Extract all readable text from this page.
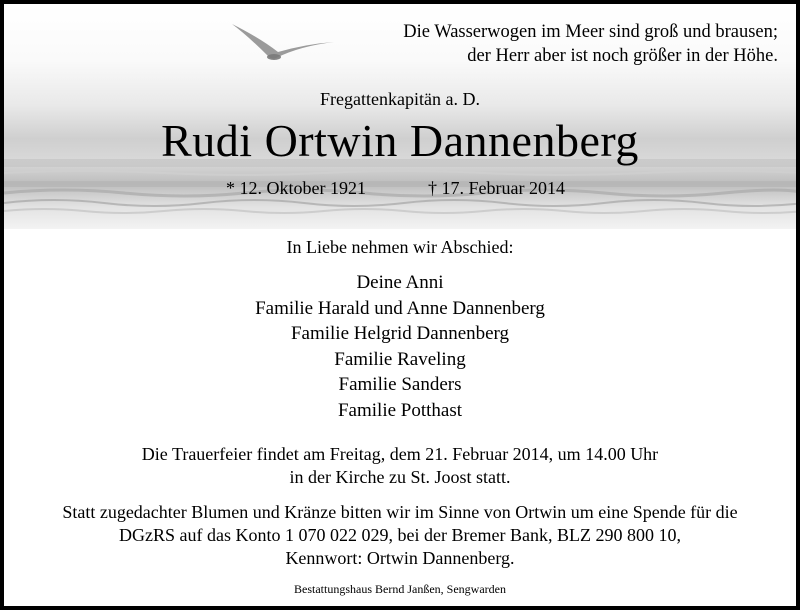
Die Wasserwogen im Meer sind groß und brausen;
der Herr aber ist noch größer in der Höhe.
Fregattenkapitän a. D.
Rudi Ortwin Dannenberg
* 12. Oktober 1921	† 17. Februar 2014
In Liebe nehmen wir Abschied:
Deine Anni
Familie Harald und Anne Dannenberg
Familie Helgrid Dannenberg
Familie Raveling
Familie Sanders
Familie Potthast
Die Trauerfeier findet am Freitag, dem 21. Februar 2014, um 14.00 Uhr
in der Kirche zu St. Joost statt.
Statt zugedachter Blumen und Kränze bitten wir im Sinne von Ortwin um eine Spende für die
DGzRS auf das Konto 1 070 022 029, bei der Bremer Bank, BLZ 290 800 10,
Kennwort: Ortwin Dannenberg.
Bestattungshaus Bernd Janßen, Sengwarden
